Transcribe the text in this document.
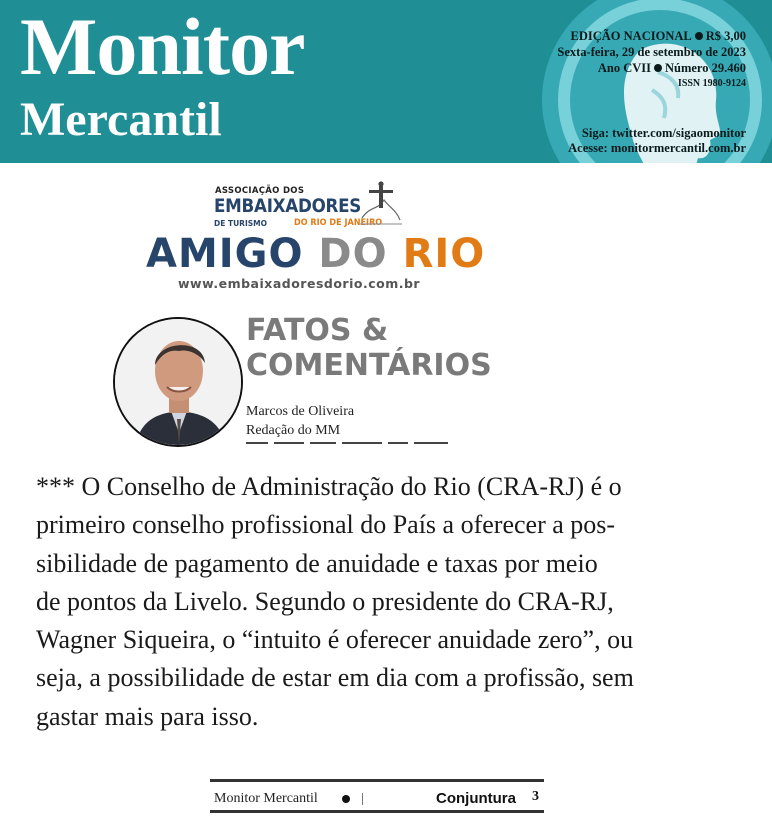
Monitor
Mercantil
EDIÇÃO NACIONAL R$ 3,00
Sexta-feira, 29 de setembro de 2023
Ano CVII Número 29.460
ISSN 1980-9124
Siga: twitter.com/sigaomonitor
Acesse: monitormercantil.com.br
ASSOCIAÇÃO DOS
EMBAIXADORES
DE TURISMO	DO RIO DE JANEIRO
AMIGO DO RIO
www.embaixadoresdorio.com.br
FATOS &
COMENTÁRIOS
Marcos de Oliveira
Redação do MM
*** O Conselho de Administração do Rio (CRA-RJ) é o
primeiro conselho profissional do País a oferecer a pos-
sibilidade de pagamento de anuidade e taxas por meio
de pontos da Livelo. Segundo o presidente do CRA-RJ,
Wagner Siqueira, o “intuito é oferecer anuidade zero”, ou
seja, a possibilidade de estar em dia com a profissão, sem
gastar mais para isso.
Monitor Mercantil	Conjuntura 3
